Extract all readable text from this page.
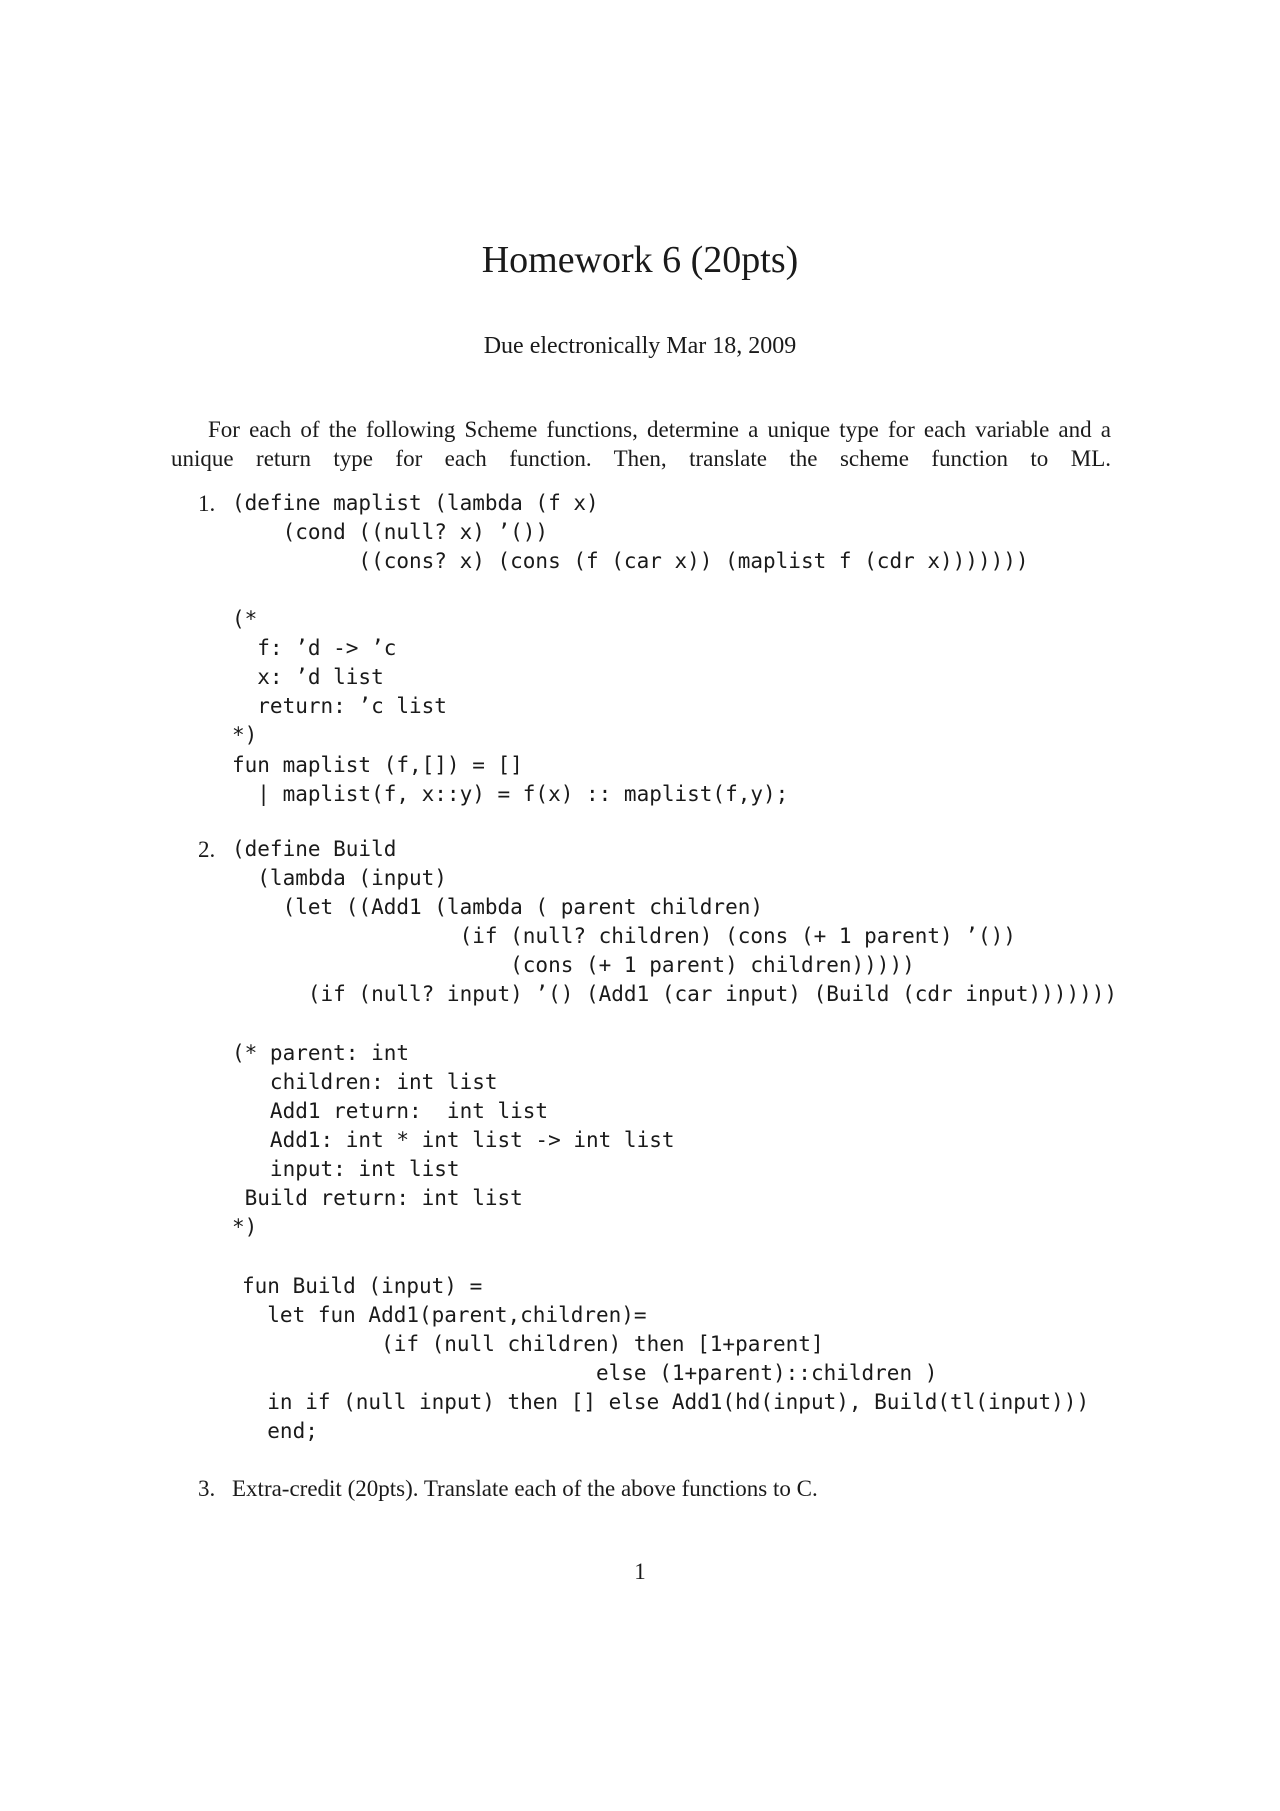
Homework 6 (20pts)
Due electronically Mar 18, 2009

For each of the following Scheme functions, determine a unique type for each variable and a unique return type for each function. Then, translate the scheme function to ML.

1. (define maplist (lambda (f x)
(cond ((null? x) ’())
((cons? x) (cons (f (car x)) (maplist f (cdr x)))))))
(*
f: ’d -> ’c
x: ’d list
return: ’c list
*)
fun maplist (f,[]) = []
| maplist(f, x::y) = f(x) :: maplist(f,y);
2. (define Build
(lambda (input)
(let ((Add1 (lambda ( parent children)
(if (null? children) (cons (+ 1 parent) ’())
(cons (+ 1 parent) children)))))
(if (null? input) ’() (Add1 (car input) (Build (cdr input)))))))
(* parent: int
children: int list
Add1 return:  int list
Add1: int * int list -> int list
input: int list
Build return: int list
*)
fun Build (input) =
let fun Add1(parent,children)=
(if (null children) then [1+parent]
else (1+parent)::children )
in if (null input) then [] else Add1(hd(input), Build(tl(input)))
end;
3. Extra-credit (20pts). Translate each of the above functions to C.
1
